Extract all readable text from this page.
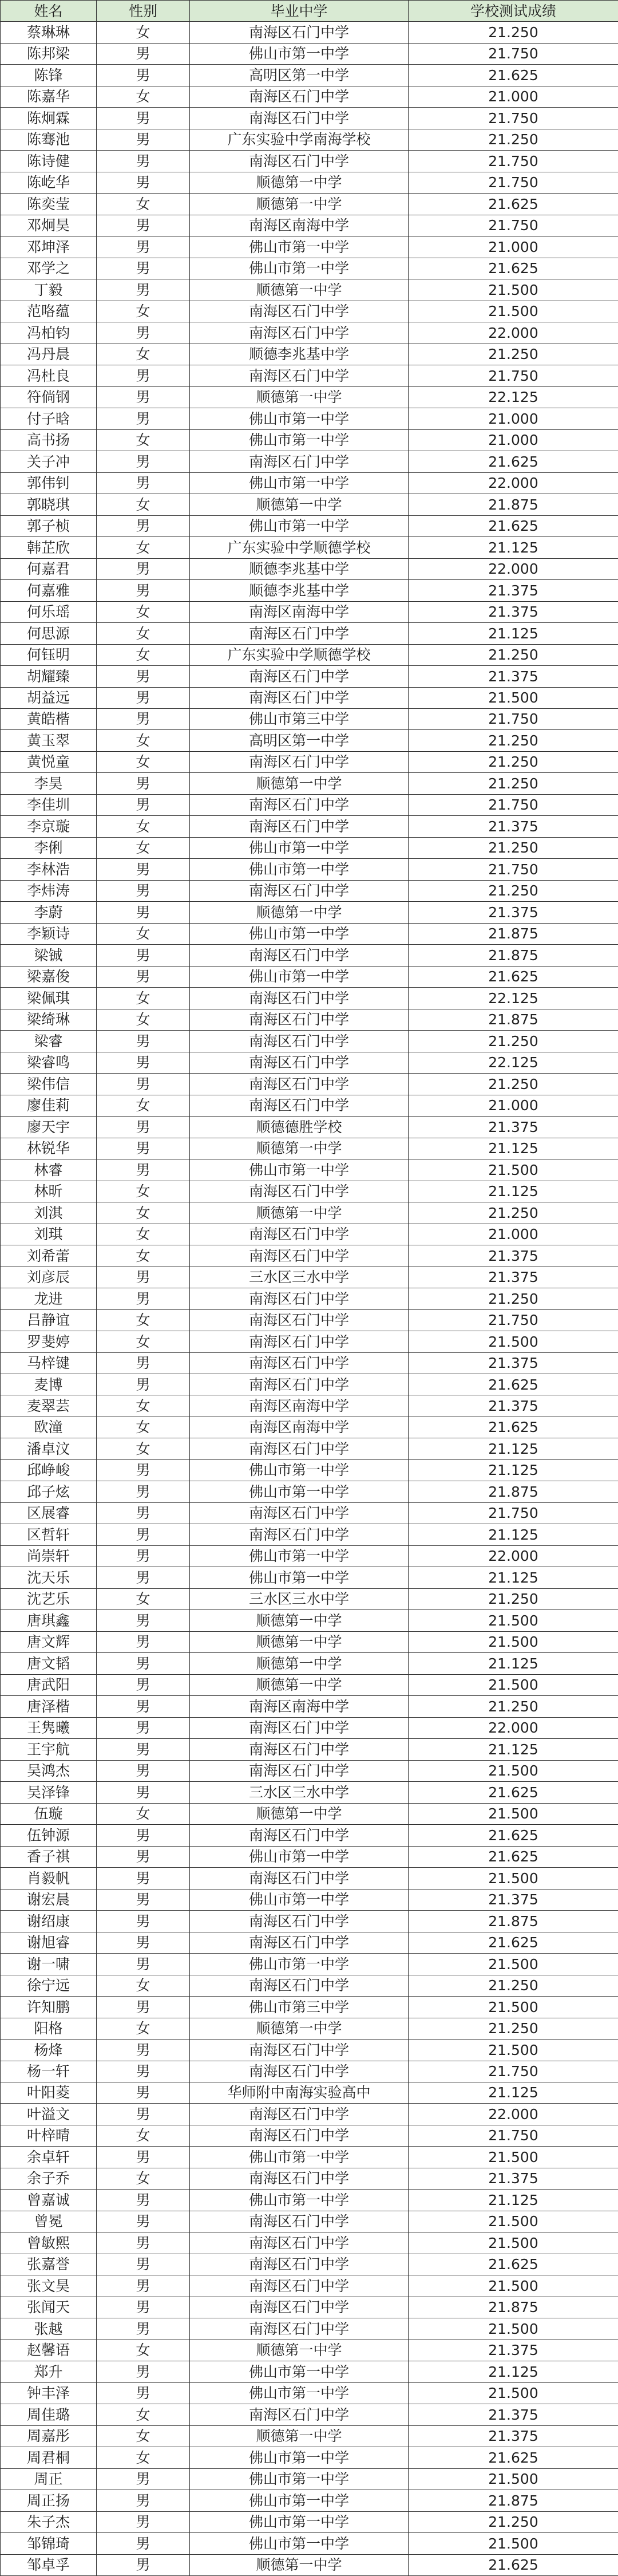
姓名	性别	毕业中学	学校测试成绩
蔡琳琳	女	南海区石门中学	21.250
陈邦梁	男	佛山市第一中学	21.750
陈锋	男	高明区第一中学	21.625
陈嘉华	女	南海区石门中学	21.000
陈炯霖	男	南海区石门中学	21.750
陈骞池	男	广东实验中学南海学校	21.250
陈诗健	男	南海区石门中学	21.750
陈屹华	男	顺德第一中学	21.750
陈奕莹	女	顺德第一中学	21.625
邓炯昊	男	南海区南海中学	21.750
邓坤泽	男	佛山市第一中学	21.000
邓学之	男	佛山市第一中学	21.625
丁毅	男	顺德第一中学	21.500
范咯蕴	女	南海区石门中学	21.500
冯柏钧	男	南海区石门中学	22.000
冯丹晨	女	顺德李兆基中学	21.250
冯杜良	男	南海区石门中学	21.750
符倘钢	男	顺德第一中学	22.125
付子晗	男	佛山市第一中学	21.000
高书扬	女	佛山市第一中学	21.000
关子冲	男	南海区石门中学	21.625
郭伟钊	男	佛山市第一中学	22.000
郭晓琪	女	顺德第一中学	21.875
郭子桢	男	佛山市第一中学	21.625
韩芷欣	女	广东实验中学顺德学校	21.125
何嘉君	男	顺德李兆基中学	22.000
何嘉雅	男	顺德李兆基中学	21.375
何乐瑶	女	南海区南海中学	21.375
何思源	女	南海区石门中学	21.125
何钰明	女	广东实验中学顺德学校	21.250
胡耀臻	男	南海区石门中学	21.375
胡益远	男	南海区石门中学	21.500
黄皓楷	男	佛山市第三中学	21.750
黄玉翠	女	高明区第一中学	21.250
黄悦童	女	南海区石门中学	21.250
李昊	男	顺德第一中学	21.250
李佳圳	男	南海区石门中学	21.750
李京璇	女	南海区石门中学	21.375
李俐	女	佛山市第一中学	21.250
李林浩	男	佛山市第一中学	21.750
李炜涛	男	南海区石门中学	21.250
李蔚	男	顺德第一中学	21.375
李颖诗	女	佛山市第一中学	21.875
梁铖	男	南海区石门中学	21.875
梁嘉俊	男	佛山市第一中学	21.625
梁佩琪	女	南海区石门中学	22.125
梁绮琳	女	南海区石门中学	21.875
梁睿	男	南海区石门中学	21.250
梁睿鸣	男	南海区石门中学	22.125
梁伟信	男	南海区石门中学	21.250
廖佳莉	女	南海区石门中学	21.000
廖天宇	男	顺德德胜学校	21.375
林锐华	男	顺德第一中学	21.125
林睿	男	佛山市第一中学	21.500
林昕	女	南海区石门中学	21.125
刘淇	女	顺德第一中学	21.250
刘琪	女	南海区石门中学	21.000
刘希蕾	女	南海区石门中学	21.375
刘彦辰	男	三水区三水中学	21.375
龙进	男	南海区石门中学	21.250
吕静谊	女	南海区石门中学	21.750
罗斐婷	女	南海区石门中学	21.500
马梓键	男	南海区石门中学	21.375
麦博	男	南海区石门中学	21.625
麦翠芸	女	南海区南海中学	21.375
欧潼	女	南海区南海中学	21.625
潘卓汶	女	南海区石门中学	21.125
邱峥峻	男	佛山市第一中学	21.125
邱子炫	男	佛山市第一中学	21.875
区展睿	男	南海区石门中学	21.750
区哲轩	男	南海区石门中学	21.125
尚崇轩	男	佛山市第一中学	22.000
沈天乐	男	佛山市第一中学	21.125
沈艺乐	女	三水区三水中学	21.250
唐琪鑫	男	顺德第一中学	21.500
唐文辉	男	顺德第一中学	21.500
唐文韬	男	顺德第一中学	21.125
唐武阳	男	顺德第一中学	21.500
唐泽楷	男	南海区南海中学	21.250
王隽曦	男	南海区石门中学	22.000
王宇航	男	南海区石门中学	21.125
吴鸿杰	男	南海区石门中学	21.500
吴泽锋	男	三水区三水中学	21.625
伍璇	女	顺德第一中学	21.500
伍钟源	男	南海区石门中学	21.625
香子祺	男	佛山市第一中学	21.625
肖毅帆	男	南海区石门中学	21.500
谢宏晨	男	佛山市第一中学	21.375
谢绍康	男	南海区石门中学	21.875
谢旭睿	男	南海区石门中学	21.625
谢一啸	男	佛山市第一中学	21.500
徐宁远	女	南海区石门中学	21.250
许知鹏	男	佛山市第三中学	21.500
阳格	女	顺德第一中学	21.250
杨烽	男	南海区石门中学	21.500
杨一轩	男	南海区石门中学	21.750
叶阳菱	男	华师附中南海实验高中	21.125
叶溢文	男	南海区石门中学	22.000
叶梓晴	女	南海区石门中学	21.750
余卓轩	男	佛山市第一中学	21.500
余子乔	女	南海区石门中学	21.375
曾嘉诚	男	佛山市第一中学	21.125
曾冕	男	南海区石门中学	21.500
曾敏熙	男	南海区石门中学	21.500
张嘉誉	男	南海区石门中学	21.625
张文昊	男	南海区石门中学	21.500
张闻天	男	南海区石门中学	21.875
张越	男	南海区石门中学	21.500
赵馨语	女	顺德第一中学	21.375
郑升	男	佛山市第一中学	21.125
钟丰泽	男	佛山市第一中学	21.500
周佳璐	女	南海区石门中学	21.375
周嘉彤	女	顺德第一中学	21.375
周君桐	女	佛山市第一中学	21.625
周正	男	佛山市第一中学	21.500
周正扬	男	佛山市第一中学	21.875
朱子杰	男	佛山市第一中学	21.250
邹锦琦	男	佛山市第一中学	21.500
邹卓孚	男	顺德第一中学	21.625
